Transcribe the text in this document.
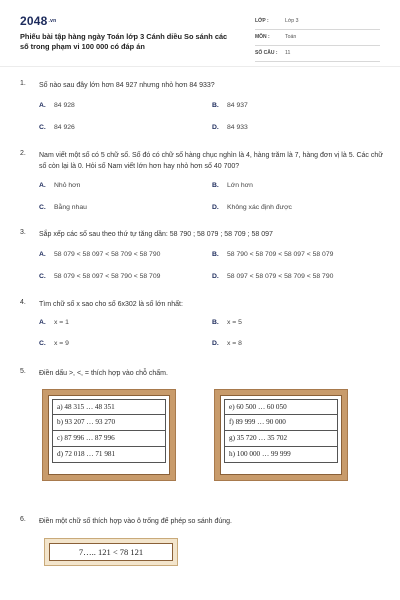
$2048^{.vn}$
Phiếu bài tập hàng ngày Toán lớp 3 Cánh diều So sánh các số trong phạm vi 100 000 có đáp án
LỚP :	Lớp 3
MÔN :	Toán
SỐ CÂU : 11
1. Số nào sau đây lớn hơn 84 927 nhưng nhỏ hơn 84 933?
A. 84 928	B. 84 937
C. 84 926	D. 84 933
2. Nam viết một số có 5 chữ số. Số đó có chữ số hàng chục nghìn là 4, hàng trăm là 7, hàng đơn vị là 5. Các chữ số còn lại là 0. Hỏi số Nam viết lớn hơn hay nhỏ hơn số 40 700?
A. Nhỏ hơn	B. Lớn hơn
C. Bằng nhau	D. Không xác định được
3. Sắp xếp các số sau theo thứ tự tăng dần: 58 790 ; 58 079 ; 58 709 ; 58 097
A. 58 079 < 58 097 < 58 709 < 58 790	B. 58 790 < 58 709 < 58 097 < 58 079
C. 58 079 < 58 097 < 58 790 < 58 709	D. 58 097 < 58 079 < 58 709 < 58 790
4. Tìm chữ số x sao cho số 6x302 là số lớn nhất:
A. x = 1	B. x = 5
C. x = 9	D. x = 8
5. Điền dấu >, <, = thích hợp vào chỗ chấm.
a) 48 315 … 48 351
b) 93 207 … 93 270
c) 87 996 … 87 996
d) 72 018 … 71 981
e) 60 500 … 60 050
f) 89 999 … 90 000
g) 35 720 … 35 702
h) 100 000 … 99 999
6. Điền một chữ số thích hợp vào ô trống để phép so sánh đúng.
7….. 121 < 78 121
